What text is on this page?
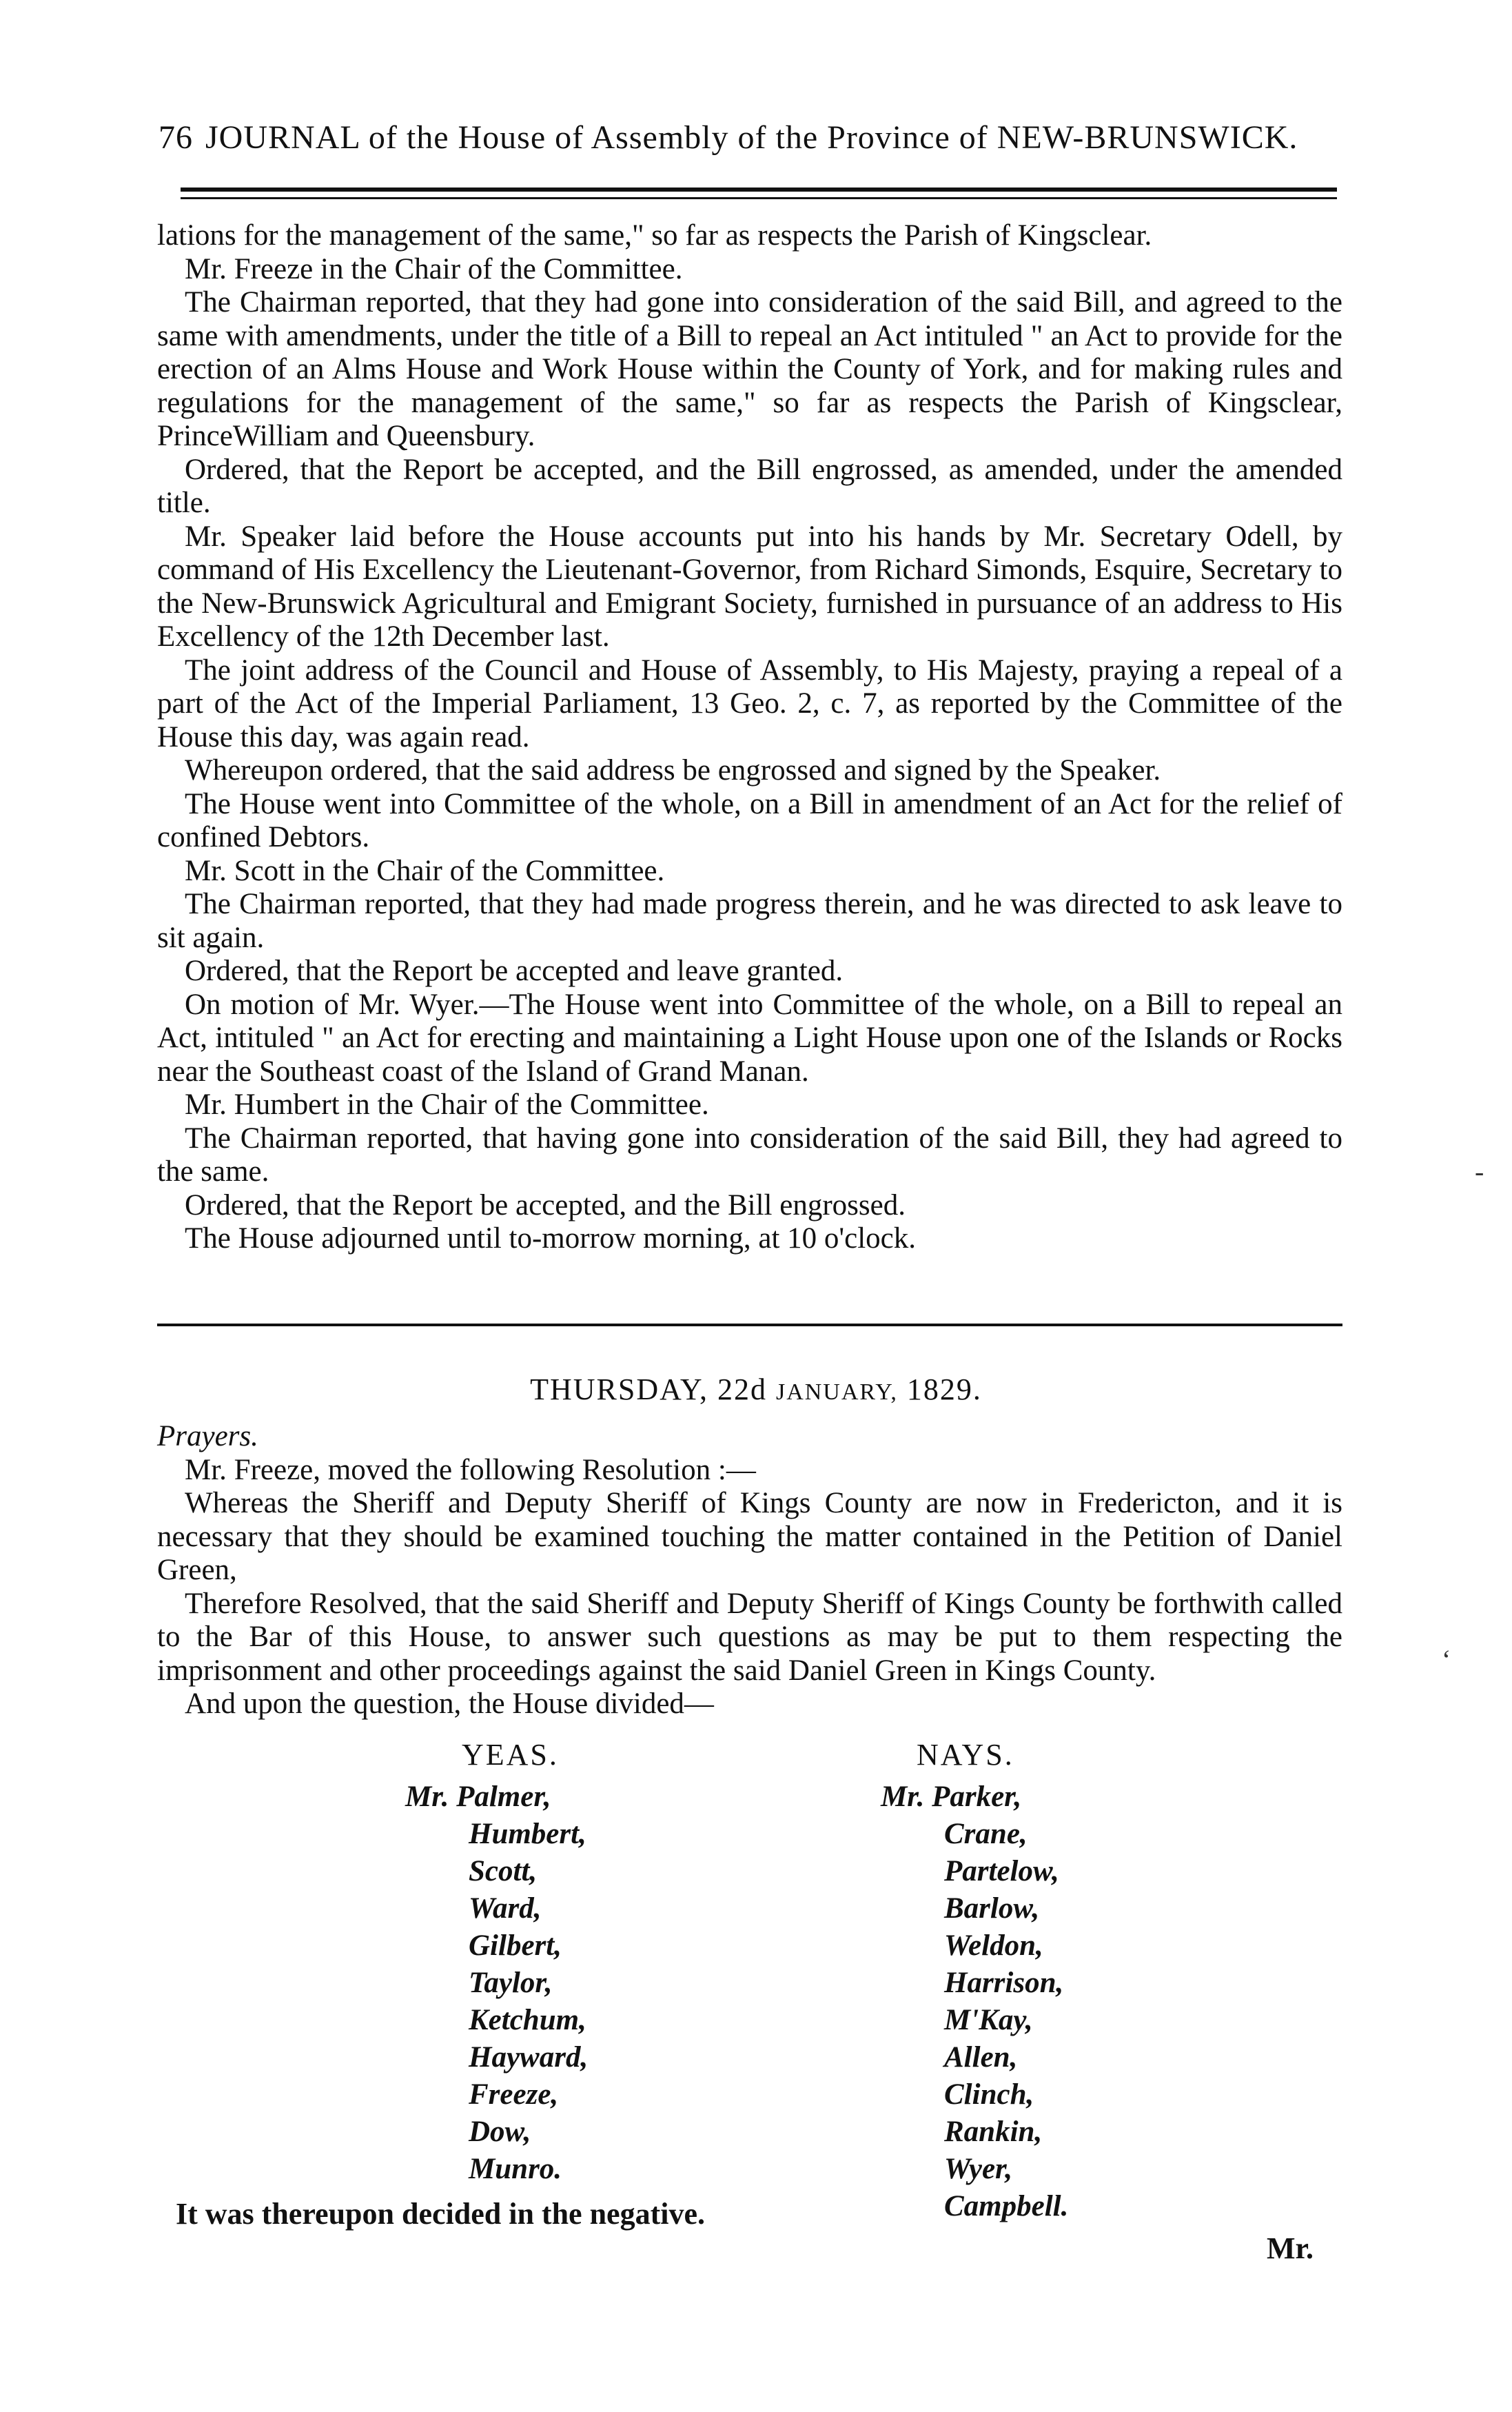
76 JOURNAL of the House of Assembly of the Province of NEW-BRUNSWICK.

lations for the management of the same," so far as respects the Parish of Kingsclear.

Mr. Freeze in the Chair of the Committee.

The Chairman reported, that they had gone into consideration of the said Bill, and agreed to the same with amendments, under the title of a Bill to repeal an Act intituled " an Act to provide for the erection of an Alms House and Work House within the County of York, and for making rules and regulations for the management of the same," so far as respects the Parish of Kingsclear, PrinceWilliam and Queensbury.

Ordered, that the Report be accepted, and the Bill engrossed, as amended, under the amended title.

Mr. Speaker laid before the House accounts put into his hands by Mr. Secretary Odell, by command of His Excellency the Lieutenant-Governor, from Richard Simonds, Esquire, Secretary to the New-Brunswick Agricultural and Emigrant Society, furnished in pursuance of an address to His Excellency of the 12th December last.

The joint address of the Council and House of Assembly, to His Majesty, praying a repeal of a part of the Act of the Imperial Parliament, 13 Geo. 2, c. 7, as reported by the Committee of the House this day, was again read.

Whereupon ordered, that the said address be engrossed and signed by the Speaker.

The House went into Committee of the whole, on a Bill in amendment of an Act for the relief of confined Debtors.

Mr. Scott in the Chair of the Committee.

The Chairman reported, that they had made progress therein, and he was directed to ask leave to sit again.

Ordered, that the Report be accepted and leave granted.

On motion of Mr. Wyer.—The House went into Committee of the whole, on a Bill to repeal an Act, intituled " an Act for erecting and maintaining a Light House upon one of the Islands or Rocks near the Southeast coast of the Island of Grand Manan.

Mr. Humbert in the Chair of the Committee.

The Chairman reported, that having gone into consideration of the said Bill, they had agreed to the same.

Ordered, that the Report be accepted, and the Bill engrossed.

The House adjourned until to-morrow morning, at 10 o'clock.

THURSDAY, 22d JANUARY, 1829.

Prayers.

Mr. Freeze, moved the following Resolution :—

Whereas the Sheriff and Deputy Sheriff of Kings County are now in Fredericton, and it is necessary that they should be examined touching the matter contained in the Petition of Daniel Green,

Therefore Resolved, that the said Sheriff and Deputy Sheriff of Kings County be forthwith called to the Bar of this House, to answer such questions as may be put to them respecting the imprisonment and other proceedings against the said Daniel Green in Kings County.

And upon the question, the House divided—

YEAS.	NAYS.
Mr. Palmer,
Humbert,
Scott,
Ward,
Gilbert,
Taylor,
Ketchum,
Hayward,
Freeze,
Dow,
Munro.
Mr. Parker,
Crane,
Partelow,
Barlow,
Weldon,
Harrison,
M'Kay,
Allen,
Clinch,
Rankin,
Wyer,
Campbell.
It was thereupon decided in the negative.
Mr.
-
‘
